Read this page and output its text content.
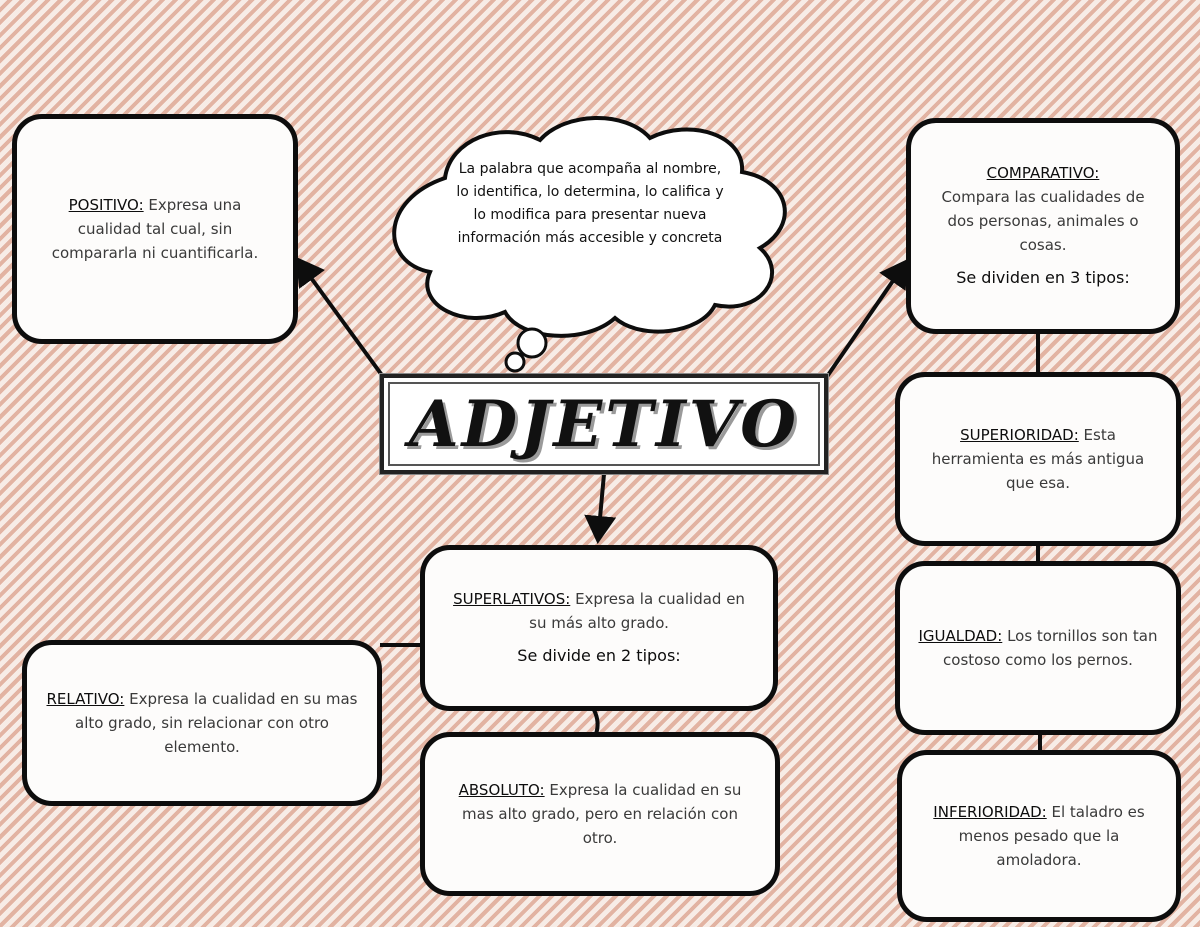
La palabra que acompaña al nombre, lo identifica, lo determina, lo califica y lo modifica para presentar nueva información más accesible y concreta
ADJETIVO

POSITIVO: Expresa una cualidad tal cual, sin compararla ni cuantificarla.

COMPARATIVO:

Compara las cualidades de dos personas, animales o cosas.

Se dividen en 3 tipos:

SUPERIORIDAD: Esta herramienta es más antigua que esa.

IGUALDAD: Los tornillos son tan costoso como los pernos.

INFERIORIDAD: El taladro es menos pesado que la amoladora.

SUPERLATIVOS: Expresa la cualidad en su más alto grado.

Se divide en 2 tipos:

RELATIVO: Expresa la cualidad en su mas alto grado, sin relacionar con otro elemento.

ABSOLUTO: Expresa la cualidad en su mas alto grado, pero en relación con otro.
